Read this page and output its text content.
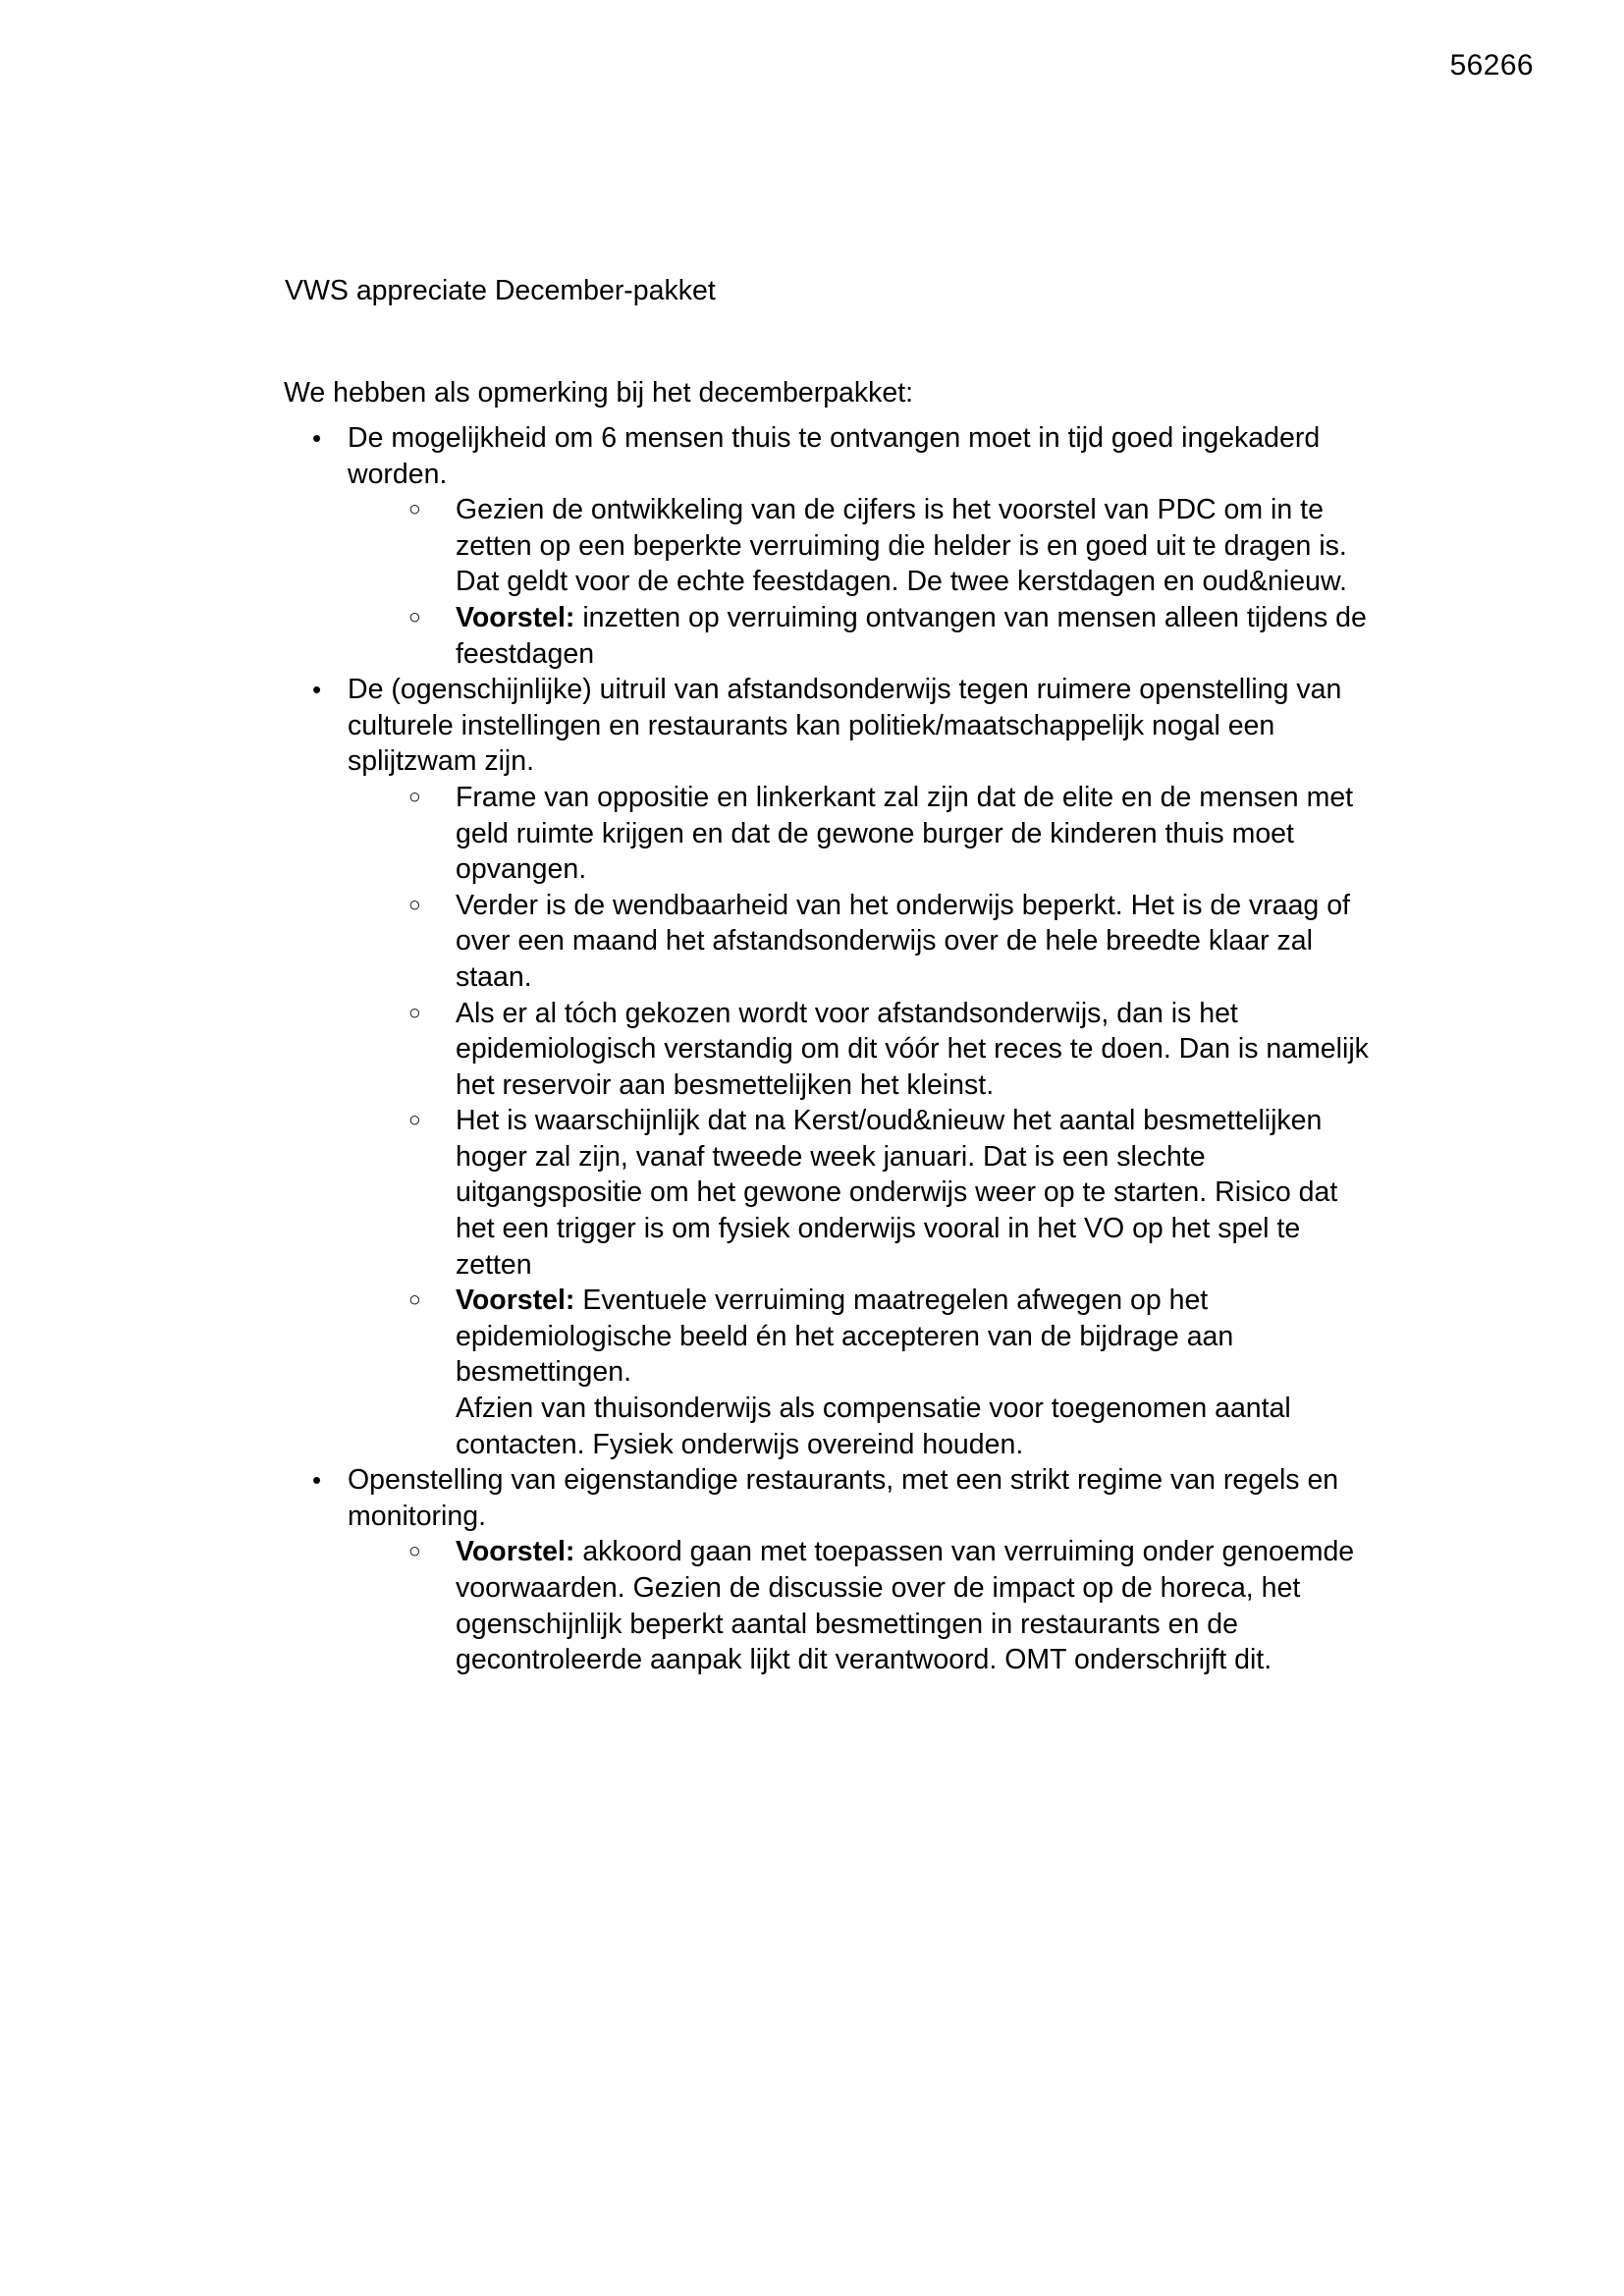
56266
VWS appreciate December-pakket
We hebben als opmerking bij het decemberpakket:
• De mogelijkheid om 6 mensen thuis te ontvangen moet in tijd goed ingekaderd worden.
○ Gezien de ontwikkeling van de cijfers is het voorstel van PDC om in te zetten op een beperkte verruiming die helder is en goed uit te dragen is. Dat geldt voor de echte feestdagen. De twee kerstdagen en oud&nieuw.
○ Voorstel: inzetten op verruiming ontvangen van mensen alleen tijdens de feestdagen
• De (ogenschijnlijke) uitruil van afstandsonderwijs tegen ruimere openstelling van culturele instellingen en restaurants kan politiek/maatschappelijk nogal een splijtzwam zijn.
○ Frame van oppositie en linkerkant zal zijn dat de elite en de mensen met geld ruimte krijgen en dat de gewone burger de kinderen thuis moet opvangen.
○ Verder is de wendbaarheid van het onderwijs beperkt. Het is de vraag of over een maand het afstandsonderwijs over de hele breedte klaar zal staan.
○ Als er al tóch gekozen wordt voor afstandsonderwijs, dan is het epidemiologisch verstandig om dit vóór het reces te doen. Dan is namelijk het reservoir aan besmettelijken het kleinst.
○ Het is waarschijnlijk dat na Kerst/oud&nieuw het aantal besmettelijken hoger zal zijn, vanaf tweede week januari. Dat is een slechte uitgangspositie om het gewone onderwijs weer op te starten. Risico dat het een trigger is om fysiek onderwijs vooral in het VO op het spel te zetten
○ Voorstel: Eventuele verruiming maatregelen afwegen op het epidemiologische beeld én het accepteren van de bijdrage aan besmettingen.
Afzien van thuisonderwijs als compensatie voor toegenomen aantal contacten. Fysiek onderwijs overeind houden.
• Openstelling van eigenstandige restaurants, met een strikt regime van regels en monitoring.
○ Voorstel: akkoord gaan met toepassen van verruiming onder genoemde voorwaarden. Gezien de discussie over de impact op de horeca, het ogenschijnlijk beperkt aantal besmettingen in restaurants en de gecontroleerde aanpak lijkt dit verantwoord. OMT onderschrijft dit.
